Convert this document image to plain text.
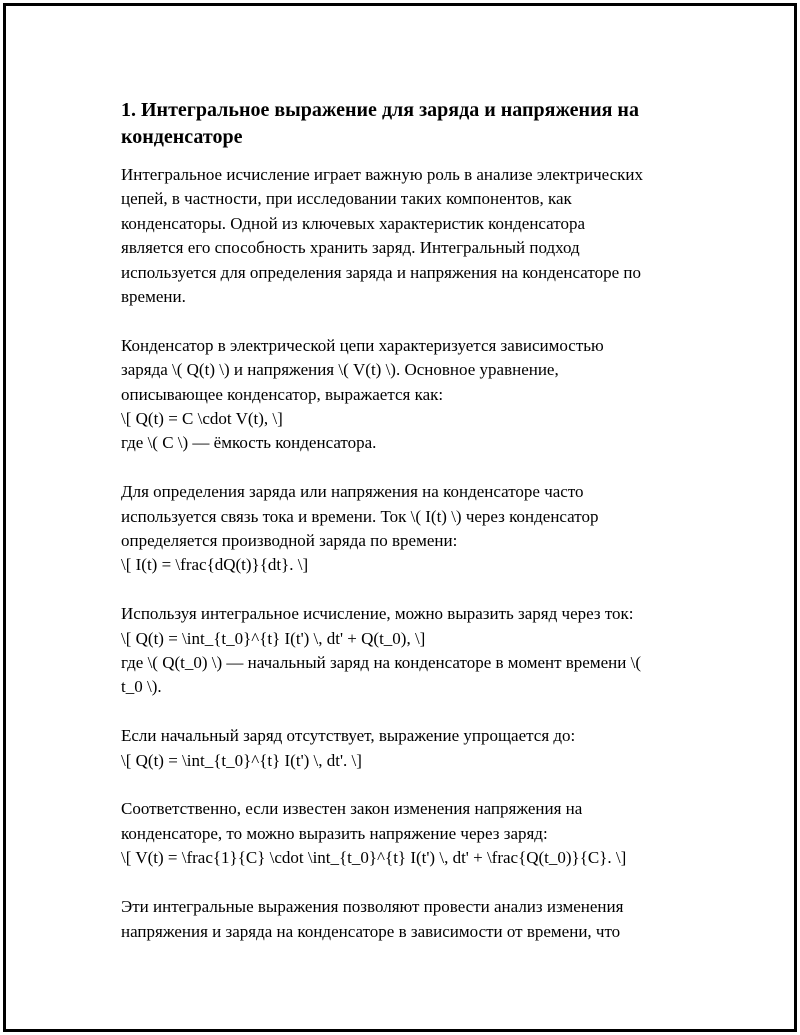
1. Интегральное выражение для заряда и напряжения на
конденсаторе

Интегральное исчисление играет важную роль в анализе электрических
цепей, в частности, при исследовании таких компонентов, как
конденсаторы. Одной из ключевых характеристик конденсатора
является его способность хранить заряд. Интегральный подход
используется для определения заряда и напряжения на конденсаторе по
времени.

Конденсатор в электрической цепи характеризуется зависимостью
заряда \( Q(t) \) и напряжения \( V(t) \). Основное уравнение,
описывающее конденсатор, выражается как:
\[ Q(t) = C \cdot V(t), \]
где \( C \) — ёмкость конденсатора.

Для определения заряда или напряжения на конденсаторе часто
используется связь тока и времени. Ток \( I(t) \) через конденсатор
определяется производной заряда по времени:
\[ I(t) = \frac{dQ(t)}{dt}. \]

Используя интегральное исчисление, можно выразить заряд через ток:
\[ Q(t) = \int_{t_0}^{t} I(t') \, dt' + Q(t_0), \]
где \( Q(t_0) \) — начальный заряд на конденсаторе в момент времени \(
t_0 \).

Если начальный заряд отсутствует, выражение упрощается до:
\[ Q(t) = \int_{t_0}^{t} I(t') \, dt'. \]

Соответственно, если известен закон изменения напряжения на
конденсаторе, то можно выразить напряжение через заряд:
\[ V(t) = \frac{1}{C} \cdot \int_{t_0}^{t} I(t') \, dt' + \frac{Q(t_0)}{C}. \]

Эти интегральные выражения позволяют провести анализ изменения
напряжения и заряда на конденсаторе в зависимости от времени, что
